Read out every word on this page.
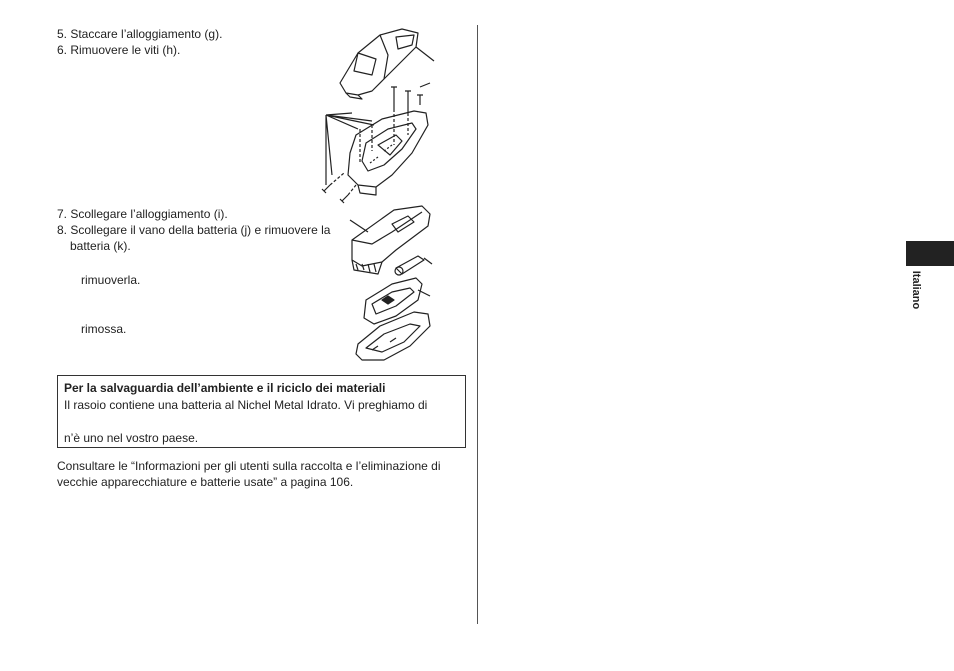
5. Staccare l’alloggiamento (g).
6. Rimuovere le viti (h).
7. Scollegare l’alloggiamento (i).
8. Scollegare il vano della batteria (j) e rimuovere la
batteria (k).
rimuoverla.
rimossa.
Per la salvaguardia dell’ambiente e il riciclo dei materiali
Il rasoio contiene una batteria al Nichel Metal Idrato. Vi preghiamo di
n’è uno nel vostro paese.
Consultare le “Informazioni per gli utenti sulla raccolta e l’eliminazione di
vecchie apparecchiature e batterie usate” a pagina 106.
Italiano
